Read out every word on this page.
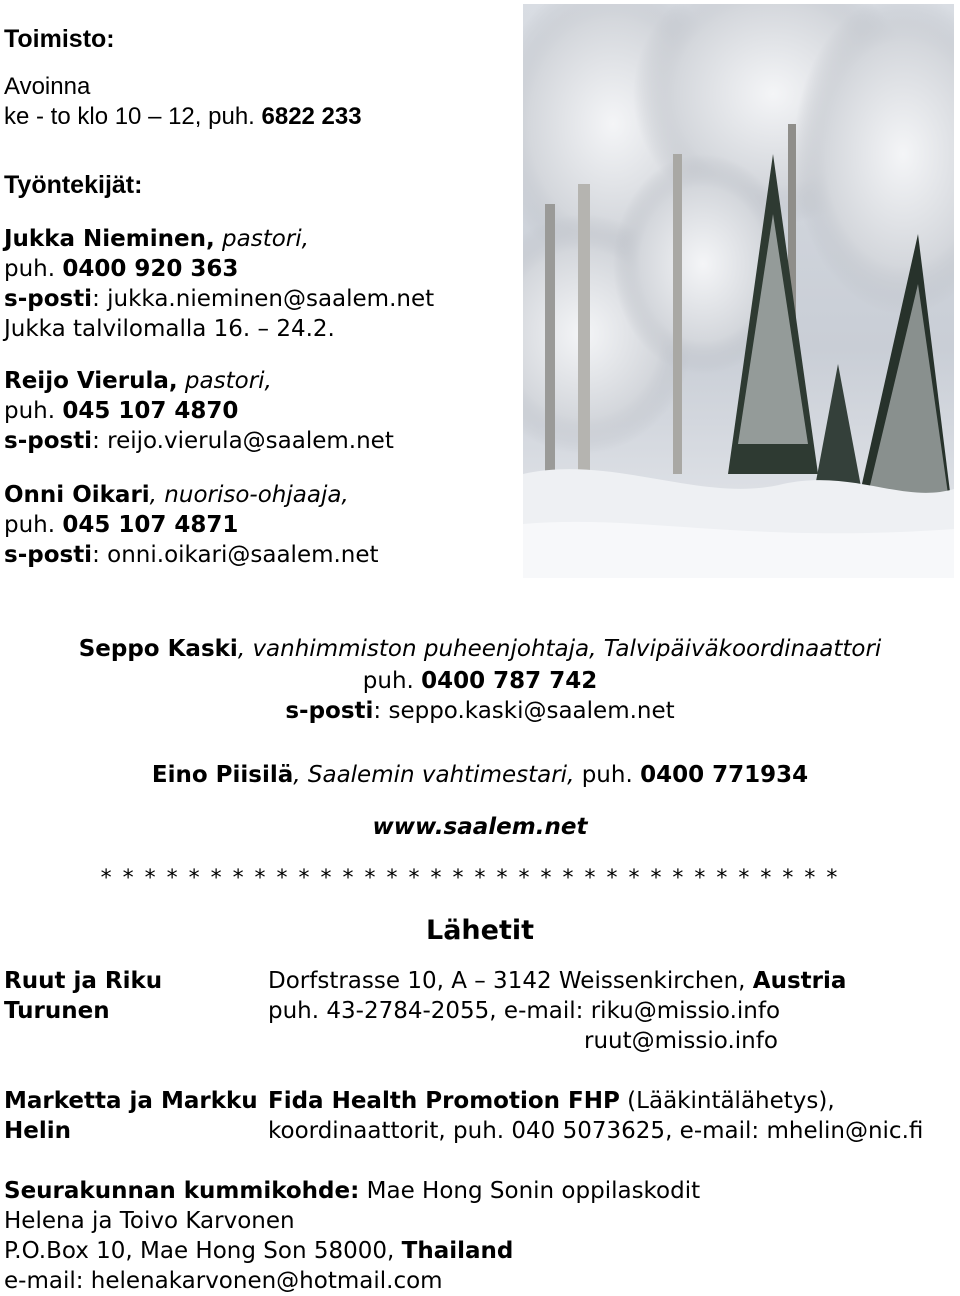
Toimisto:
Avoinna
ke - to klo 10 – 12, puh. 6822 233
Työntekijät:
Jukka Nieminen, pastori,
puh. 0400 920 363
s-posti: jukka.nieminen@saalem.net
Jukka talvilomalla 16. – 24.2.
Reijo Vierula, pastori,
puh. 045 107 4870
s-posti: reijo.vierula@saalem.net
Onni Oikari, nuoriso-ohjaaja,
puh. 045 107 4871
s-posti: onni.oikari@saalem.net
Seppo Kaski, vanhimmiston puheenjohtaja, Talvipäiväkoordinaattori
puh. 0400 787 742
s-posti: seppo.kaski@saalem.net
Eino Piisilä, Saalemin vahtimestari, puh. 0400 771934
www.saalem.net
* * * * * * * * * * * * * * * * * * * * * * * * * * * * * * * * * *
Lähetit
Ruut ja Riku
Turunen
Dorfstrasse 10, A – 3142 Weissenkirchen, Austria
puh. 43-2784-2055, e-mail: riku@missio.info
ruut@missio.info
Marketta ja Markku
Helin
Fida Health Promotion FHP (Lääkintälähetys),
koordinaattorit, puh. 040 5073625, e-mail: mhelin@nic.fi
Seurakunnan kummikohde: Mae Hong Sonin oppilaskodit
Helena ja Toivo Karvonen
P.O.Box 10, Mae Hong Son 58000, Thailand
e-mail: helenakarvonen@hotmail.com
